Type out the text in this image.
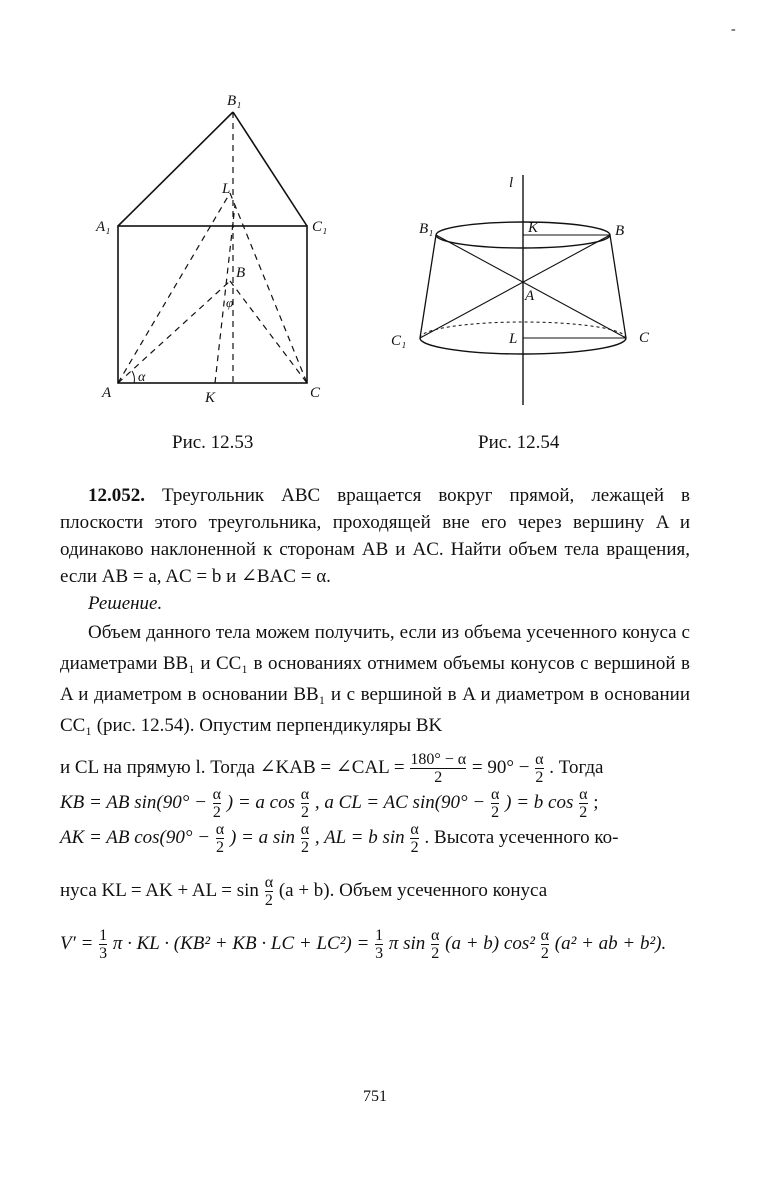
-
B₁
A₁	C₁
L
B
φ
α
A	K	C
l
K
B₁	B
A
C₁	L	C
Рис. 12.53	Рис. 12.54

12.052. Треугольник ABC вращается вокруг прямой, лежащей в плоскости этого треугольника, проходящей вне его через вершину A и одинаково наклоненной к сторонам AB и AC. Найти объем тела вращения, если AB = a, AC = b и ∠BAC = α.

Решение.

Объем данного тела можем получить, если из объема усеченного конуса с диаметрами BB₁ и CC₁ в основаниях отнимем объемы конусов с вершиной в A и диаметром в основании BB₁ и с вершиной в A и диаметром в основании CC₁ (рис. 12.54). Опустим перпендикуляры BK

и CL на прямую l. Тогда ∠KAB = ∠CAL = $\frac{180^\circ - \alpha}{2} = 90^\circ - \frac{\alpha}{2}$ . Тогда

KB = AB $\sin(90^\circ - \frac{\alpha}{2}$ ) = a $\cos \frac{\alpha}{2}$ , а CL = AC $\sin(90^\circ - \frac{\alpha}{2}$ ) = b $\cos \frac{\alpha}{2}$ ;

AK = AB $\cos(90^\circ - \frac{\alpha}{2}$ ) = a $\sin \frac{\alpha}{2}$ , AL = b $\sin \frac{\alpha}{2}$ . Высота усеченного ко-

нуса KL = AK + AL = $\sin \frac{\alpha}{2} (a + b)$. Объем усеченного конуса

$V' = \frac{1}{3}$ π · KL · (KB² + KB · LC + $LC^2) = \frac{1}{3}$ π $\sin \frac{\alpha}{2} (a + b)$ $\cos^2 \frac{\alpha}{2} (a^2$ + ab + b²).

751
